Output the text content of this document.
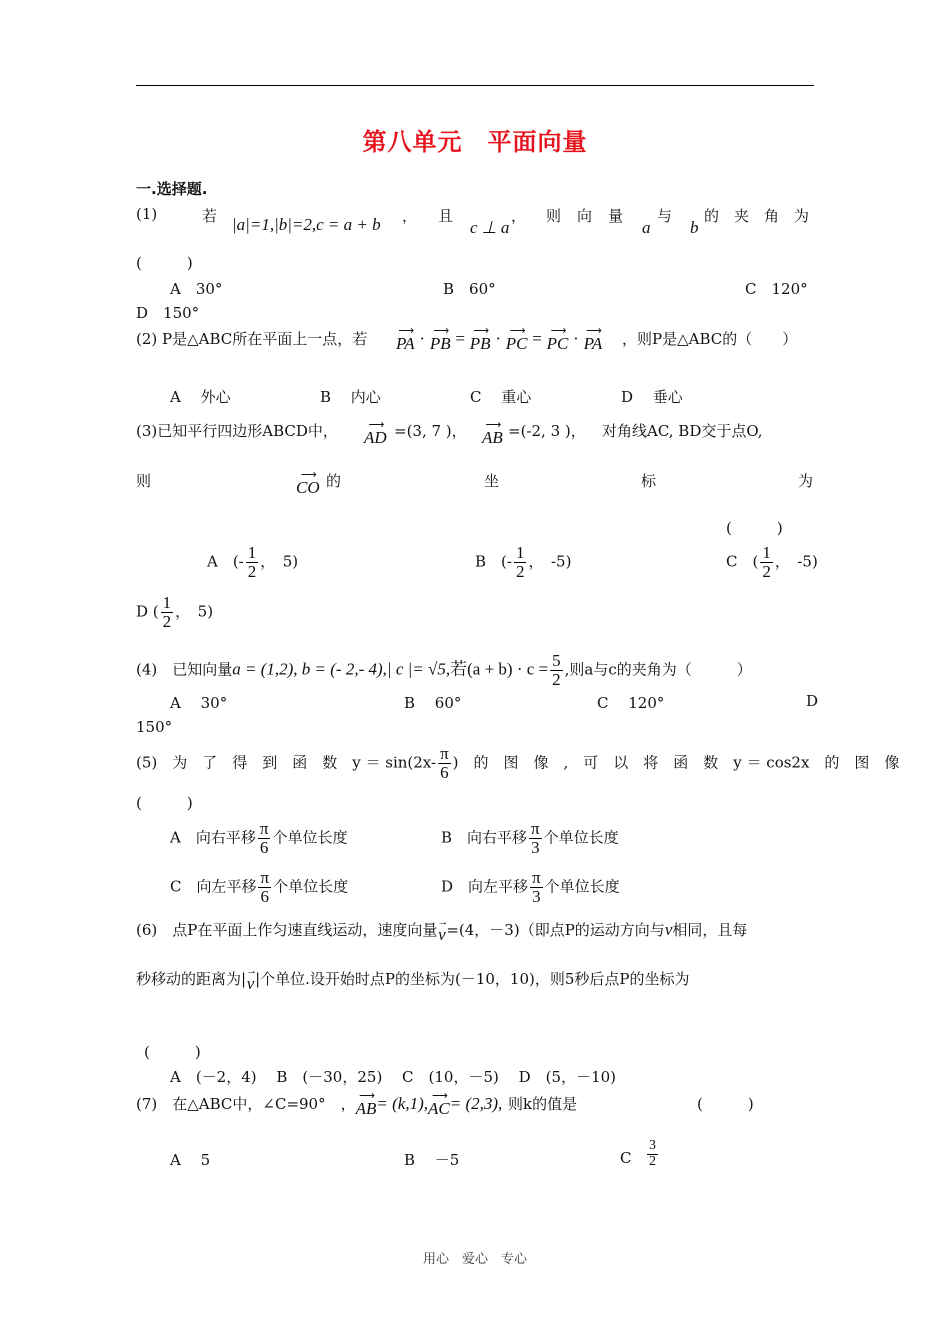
第八单元　平面向量
一.选择题.
(1)	若 |a|=1,|b|=2,c = a + b ， 且
c ⊥ a
， 则 向 量
a
与
b
的　夹　角　为
(　　　)
A　30°	B　60°	C　120°
D　150°
(2) P是△ABC所在平面上一点，若	⟶
PA · ⟶
PB = ⟶
PB · ⟶
PC = ⟶
PC · ⟶
PA ，则P是△ABC的（　　）
A　 外心	B　 内心	C　 重心	D　 垂心
(3)已知平行四边形ABCD中，	⟶
AD =(3, 7 )， ⟶
AB =(-2, 3 )， 对角线AC, BD交于点O,
则	⟶
CO 的	坐	标	为
(　　　)
A　(- $\frac{1}{2}$ ，　5)	B　(- $\frac{1}{2}$ ，　-5)	C　( $\frac{1}{2}$ ，　-5)
D ( $\frac{1}{2}$ ，　5)
(4)　已知向量a = (1,2), b = (- 2,- 4),| c |= √5,若$(a + b) \cdot c = \frac{5}{2}$ ,则a与c的夹角为（　　　）
A　 30°	B　 60°	C　 120°	D
150°
(5)　为　了　得　到　函　数　$y = \sin(2x- \frac{\pi}{6}$ )　的　图　像　,　可　以　将　函　数　y ＝ cos2x　的　图　像
(　　　)
A　向右平移 $\frac{\pi}{6}$ 个单位长度	B　向右平移 $\frac{\pi}{3}$ 个单位长度
C　向左平移 $\frac{\pi}{6}$ 个单位长度	D　向左平移 $\frac{\pi}{3}$ 个单位长度
(6)　点P在平面上作匀速直线运动，速度向量 →
v =(4，－3)（即点P的运动方向与v相同，且每
秒移动的距离为| →
v |个单位.设开始时点P的坐标为(－10，10)，则5秒后点P的坐标为
(　　　)
A　(－2，4)　 B　(－30，25)　 C　(10，－5)　 D　(5，－10)
(7)　在△ABC中，∠C=90°　， ⟶
AB = (k,1), ⟶
AC = (2,3), 则k的值是	(　　　)
A　 5	B　 －5	C $\frac{3}{2}$
用心　爱心　专心
